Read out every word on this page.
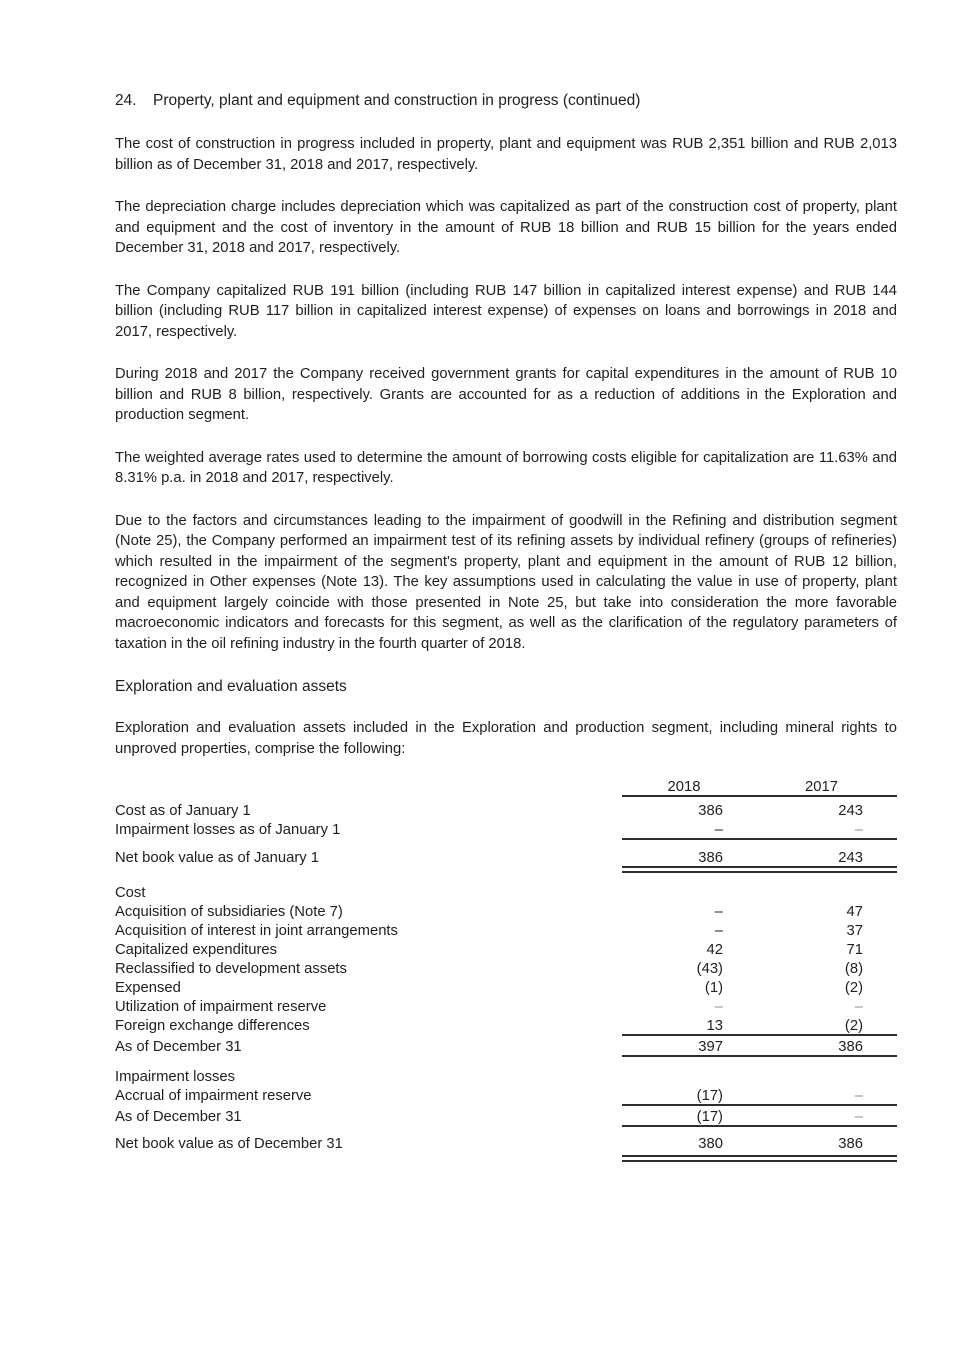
24. Property, plant and equipment and construction in progress (continued)

The cost of construction in progress included in property, plant and equipment was RUB 2,351 billion and RUB 2,013 billion as of December 31, 2018 and 2017, respectively.

The depreciation charge includes depreciation which was capitalized as part of the construction cost of property, plant and equipment and the cost of inventory in the amount of RUB 18 billion and RUB 15 billion for the years ended December 31, 2018 and 2017, respectively.

The Company capitalized RUB 191 billion (including RUB 147 billion in capitalized interest expense) and RUB 144 billion (including RUB 117 billion in capitalized interest expense) of expenses on loans and borrowings in 2018 and 2017, respectively.

During 2018 and 2017 the Company received government grants for capital expenditures in the amount of RUB 10 billion and RUB 8 billion, respectively. Grants are accounted for as a reduction of additions in the Exploration and production segment.

The weighted average rates used to determine the amount of borrowing costs eligible for capitalization are 11.63% and 8.31% p.a. in 2018 and 2017, respectively.

Due to the factors and circumstances leading to the impairment of goodwill in the Refining and distribution segment (Note 25), the Company performed an impairment test of its refining assets by individual refinery (groups of refineries) which resulted in the impairment of the segment's property, plant and equipment in the amount of RUB 12 billion, recognized in Other expenses (Note 13). The key assumptions used in calculating the value in use of property, plant and equipment largely coincide with those presented in Note 25, but take into consideration the more favorable macroeconomic indicators and forecasts for this segment, as well as the clarification of the regulatory parameters of taxation in the oil refining industry in the fourth quarter of 2018.

Exploration and evaluation assets

Exploration and evaluation assets included in the Exploration and production segment, including mineral rights to unproved properties, comprise the following:

2018	2017
Cost as of January 1	386	243
Impairment losses as of January 1	–	–
Net book value as of January 1	386	243
Cost
Acquisition of subsidiaries (Note 7)	–	47
Acquisition of interest in joint arrangements	–	37
Capitalized expenditures	42	71
Reclassified to development assets	(43)	(8)
Expensed	(1)	(2)
Utilization of impairment reserve	–	–
Foreign exchange differences	13	(2)
As of December 31	397	386
Impairment losses
Accrual of impairment reserve	(17)	–
As of December 31	(17)	–
Net book value as of December 31	380	386
